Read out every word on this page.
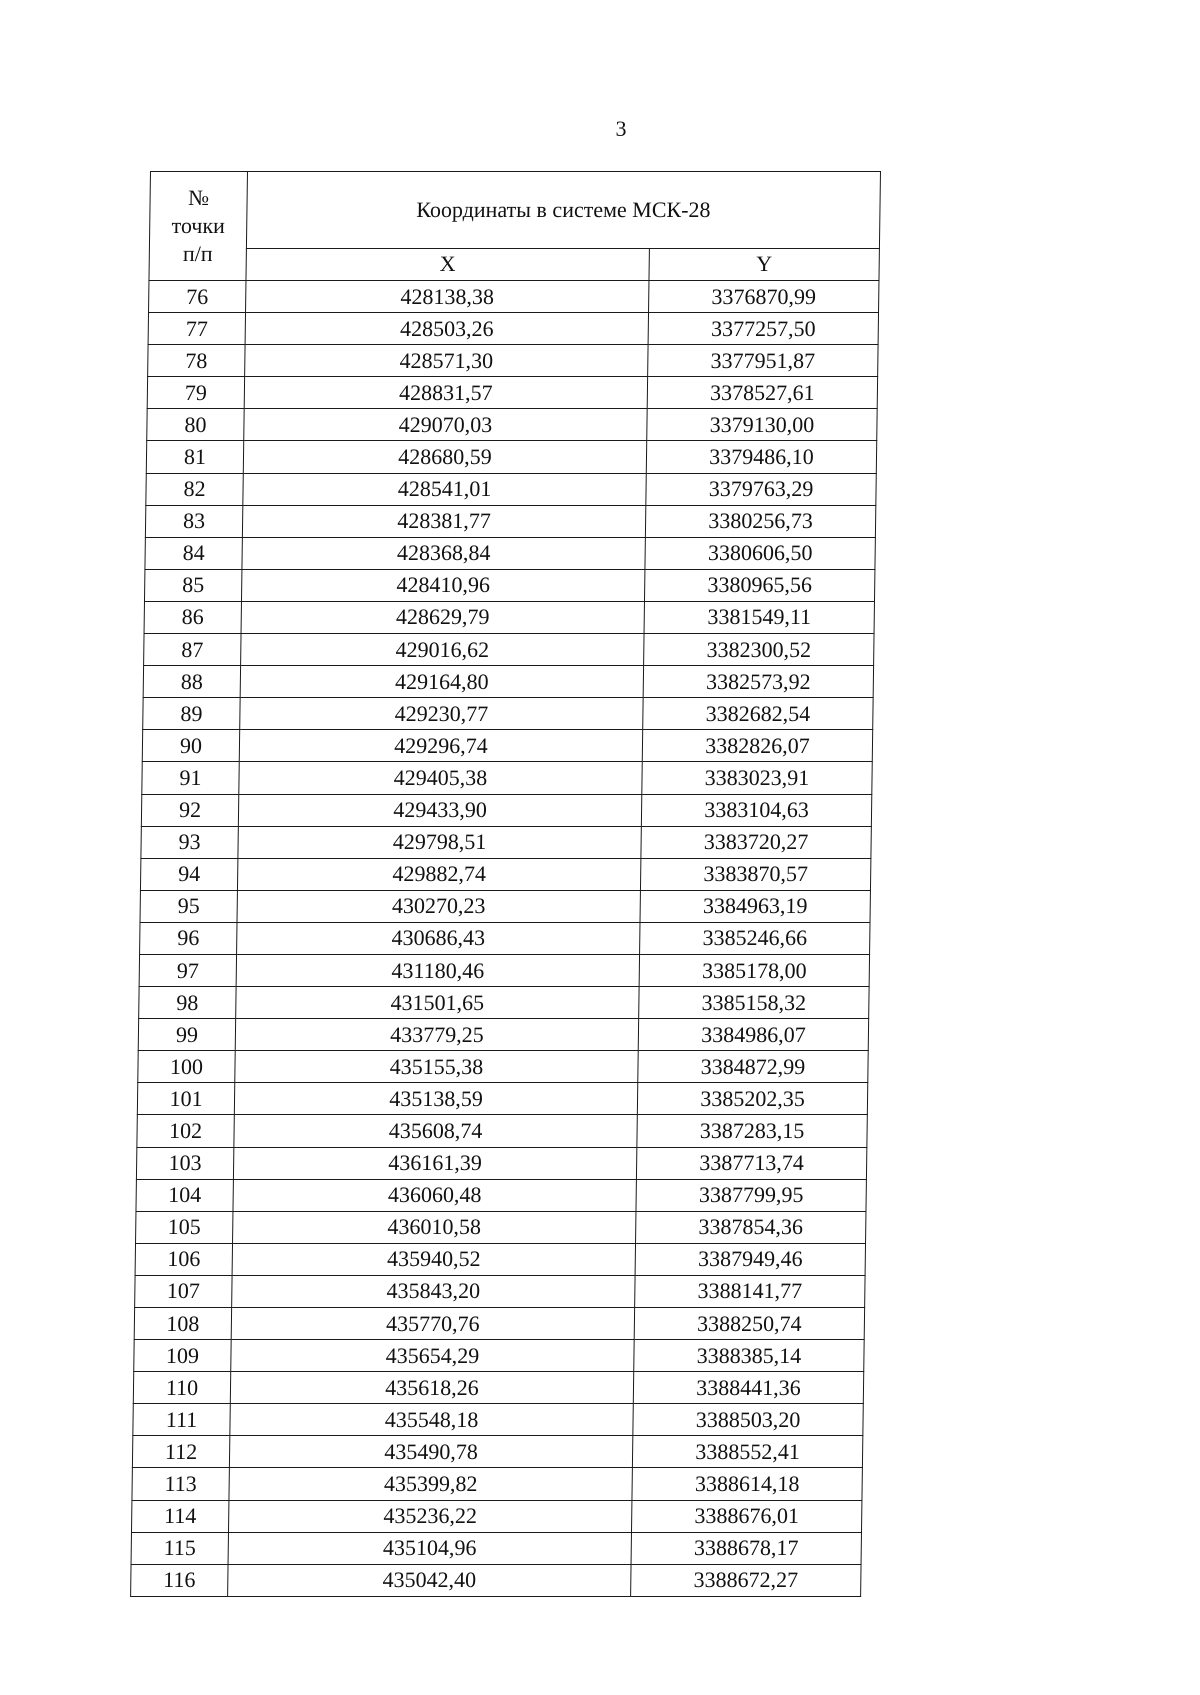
3
№
точки
п/п	Координаты в системе МСК-28	
	X	Y
76	428138,38	3376870,99
77	428503,26	3377257,50
78	428571,30	3377951,87
79	428831,57	3378527,61
80	429070,03	3379130,00
81	428680,59	3379486,10
82	428541,01	3379763,29
83	428381,77	3380256,73
84	428368,84	3380606,50
85	428410,96	3380965,56
86	428629,79	3381549,11
87	429016,62	3382300,52
88	429164,80	3382573,92
89	429230,77	3382682,54
90	429296,74	3382826,07
91	429405,38	3383023,91
92	429433,90	3383104,63
93	429798,51	3383720,27
94	429882,74	3383870,57
95	430270,23	3384963,19
96	430686,43	3385246,66
97	431180,46	3385178,00
98	431501,65	3385158,32
99	433779,25	3384986,07
100	435155,38	3384872,99
101	435138,59	3385202,35
102	435608,74	3387283,15
103	436161,39	3387713,74
104	436060,48	3387799,95
105	436010,58	3387854,36
106	435940,52	3387949,46
107	435843,20	3388141,77
108	435770,76	3388250,74
109	435654,29	3388385,14
110	435618,26	3388441,36
111	435548,18	3388503,20
112	435490,78	3388552,41
113	435399,82	3388614,18
114	435236,22	3388676,01
115	435104,96	3388678,17
116	435042,40	3388672,27
